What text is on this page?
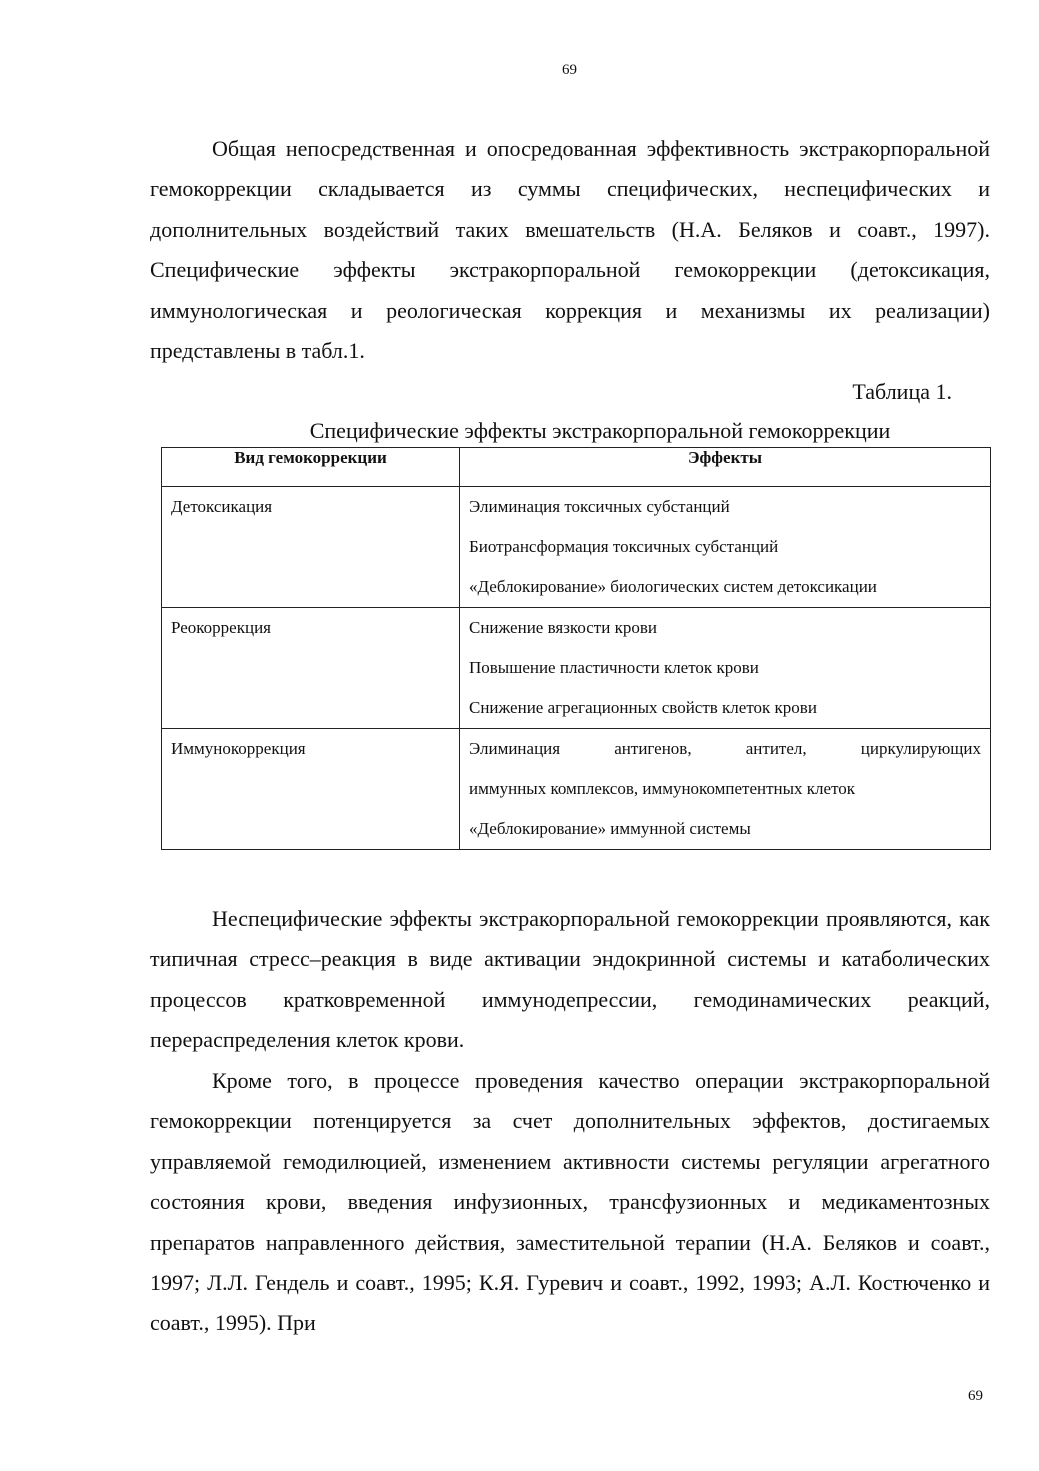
69

Общая непосредственная и опосредованная эффективность экстракорпоральной гемокоррекции складывается из суммы специфических, неспецифических и дополнительных воздействий таких вмешательств (Н.А. Беляков и соавт., 1997). Специфические эффекты экстракорпоральной гемокоррекции (детоксикация, иммунологическая и реологическая коррекция и механизмы их реализации) представлены в табл.1.

Таблица 1.
Специфические эффекты экстракорпоральной гемокоррекции
Вид гемокоррекции	Эффекты
Детоксикация	Элиминация токсичных субстанций
Биотрансформация токсичных субстанций
«Деблокирование» биологических систем детоксикации

Реокоррекция	Снижение вязкости крови
Повышение пластичности клеток крови
Снижение агрегационных свойств клеток крови

Иммунокоррекция	Элиминация антигенов, антител, циркулирующих
иммунных комплексов, иммунокомпетентных клеток
«Деблокирование» иммунной системы

Неспецифические эффекты экстракорпоральной гемокоррекции проявляются, как типичная стресс–реакция в виде активации эндокринной системы и катаболических процессов кратковременной иммунодепрессии, гемодинамических реакций, перераспределения клеток крови.

Кроме того, в процессе проведения качество операции экстракорпоральной гемокоррекции потенцируется за счет дополнительных эффектов, достигаемых управляемой гемодилюцией, изменением активности системы регуляции агрегатного состояния крови, введения инфузионных, трансфузионных и медикаментозных препаратов направленного действия, заместительной терапии (Н.А. Беляков и соавт., 1997; Л.Л. Гендель и соавт., 1995; К.Я. Гуревич и соавт., 1992, 1993; А.Л. Костюченко и соавт., 1995). При

69
